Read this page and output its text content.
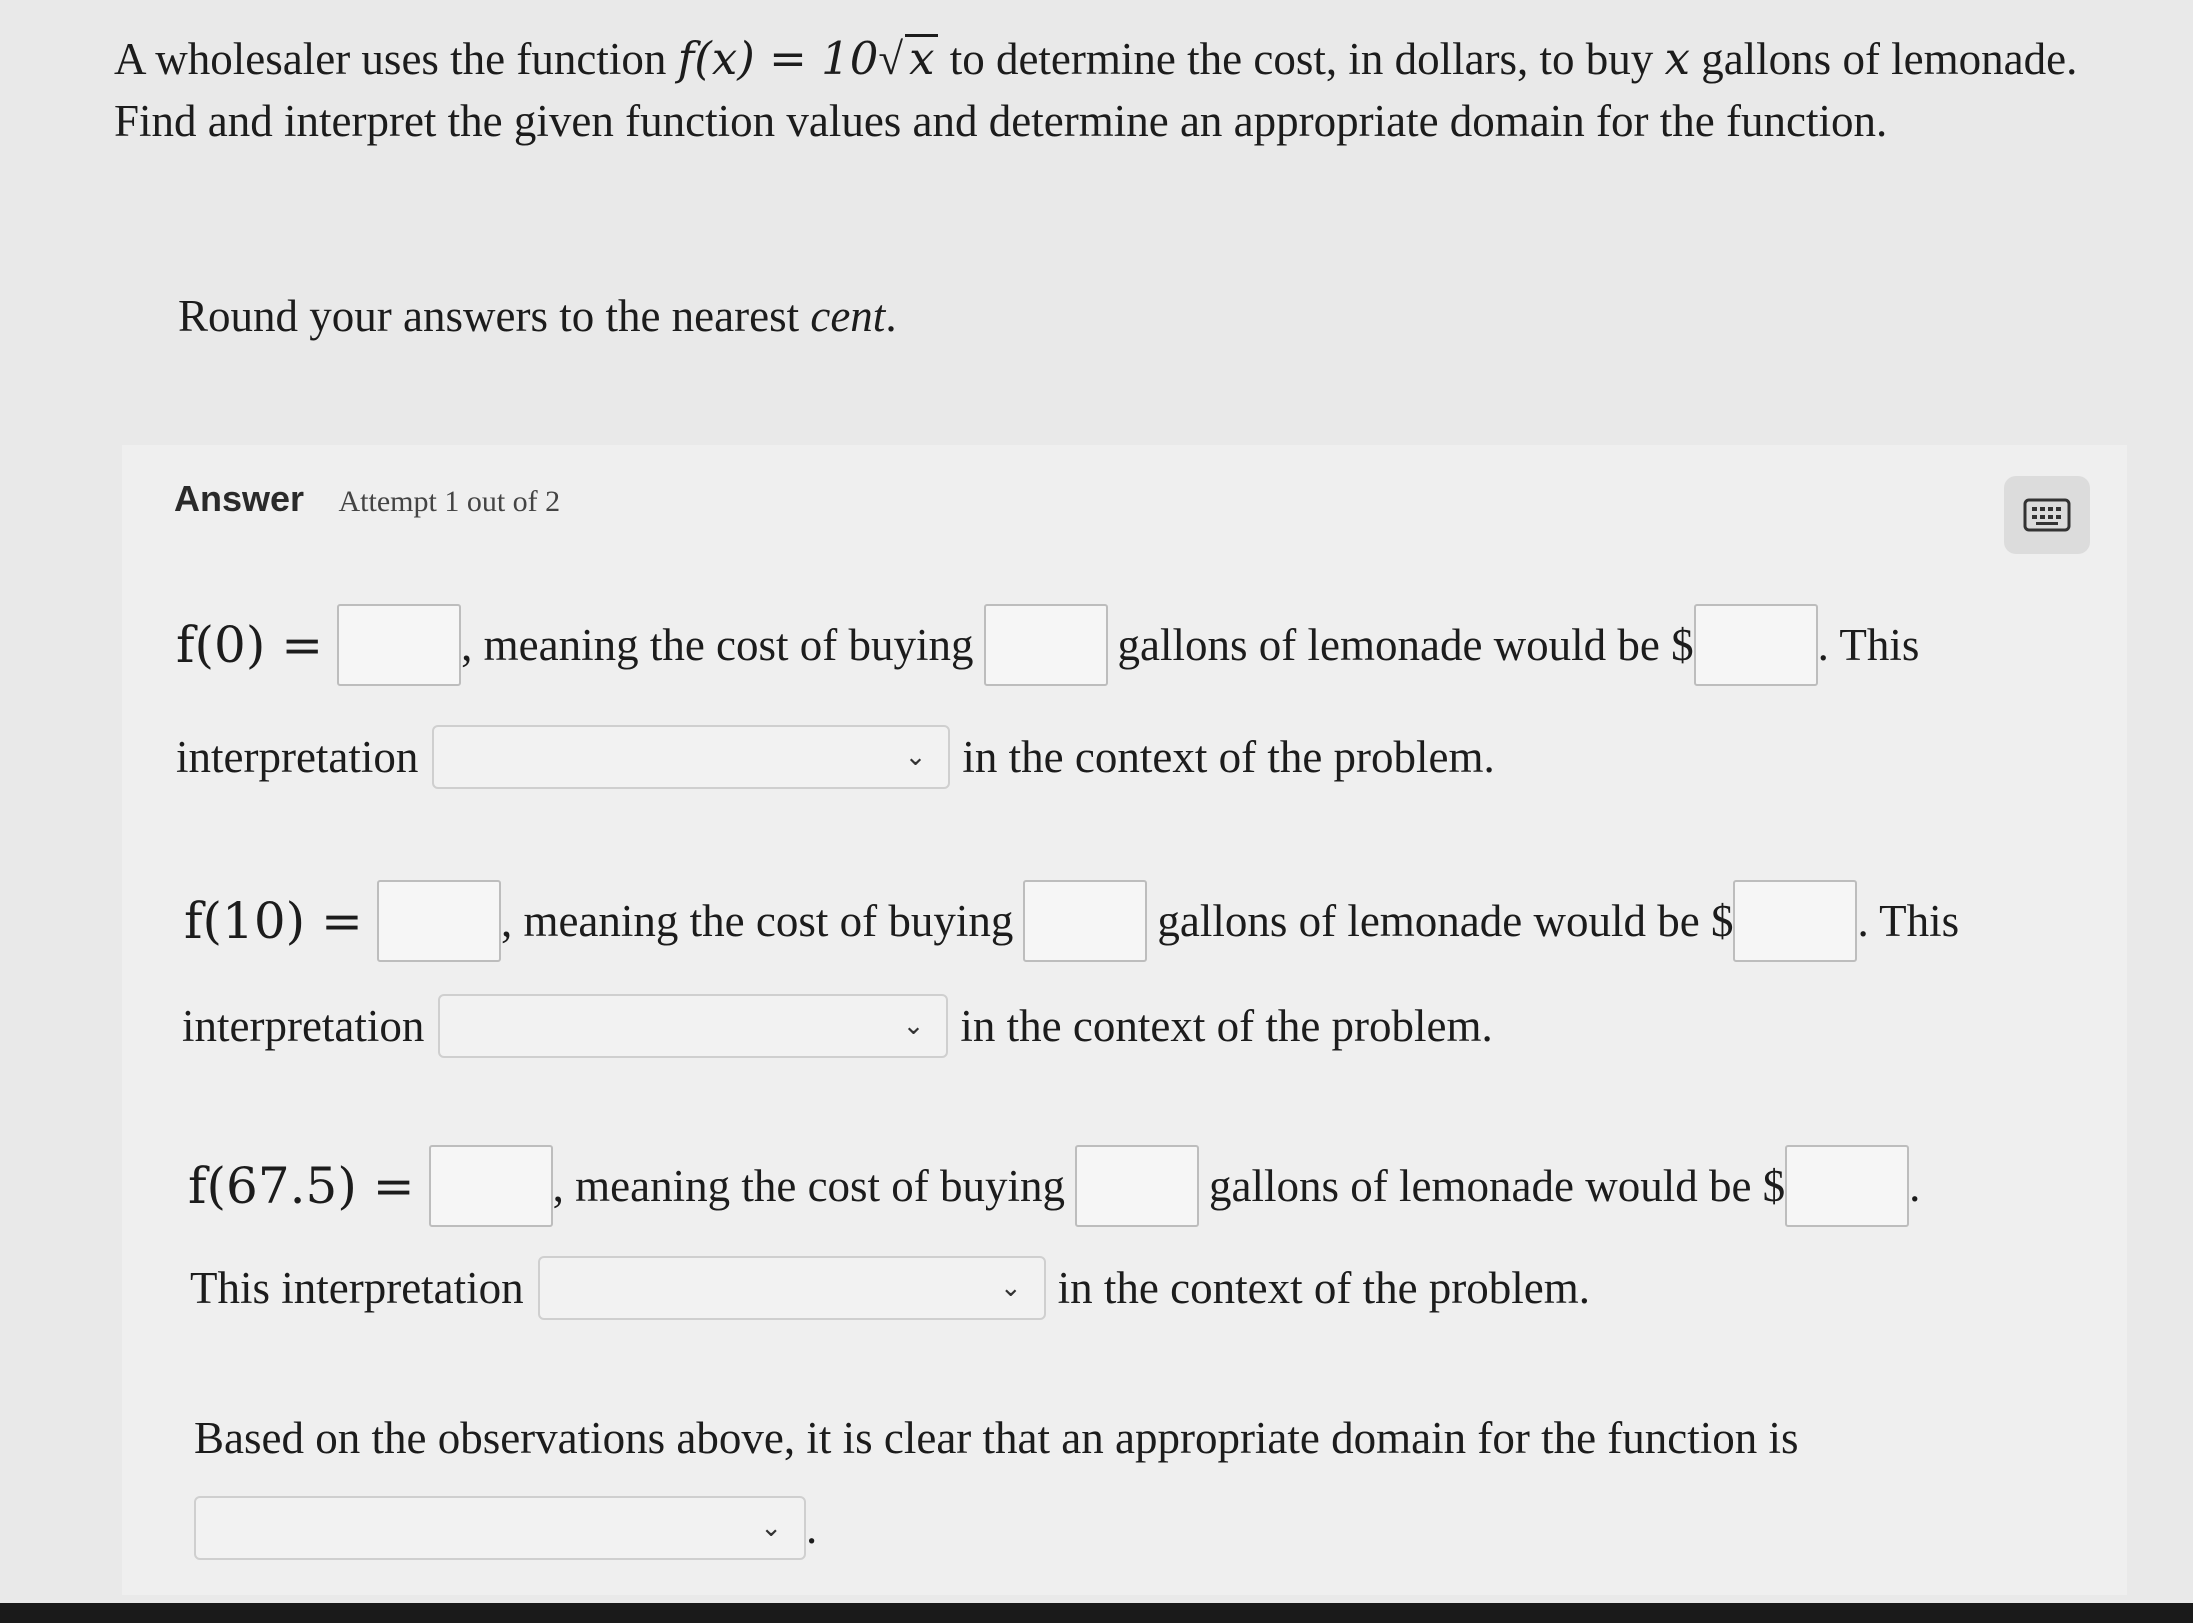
A wholesaler uses the function f(x) = 10√ x to determine the cost, in dollars, to buy x gallons of lemonade. Find and interpret the given function values and determine an appropriate domain for the function.
Round your answers to the nearest cent.
Answer Attempt 1 out of 2
f(0) =	, meaning the cost of buying	gallons of lemonade would be $	. This
interpretation	⌄ in the context of the problem.
f(10) =	, meaning the cost of buying	gallons of lemonade would be $	. This
interpretation	⌄ in the context of the problem.
f(67.5) =	, meaning the cost of buying	gallons of lemonade would be $	.
This interpretation	⌄ in the context of the problem.
Based on the observations above, it is clear that an appropriate domain for the function is
⌄ .
